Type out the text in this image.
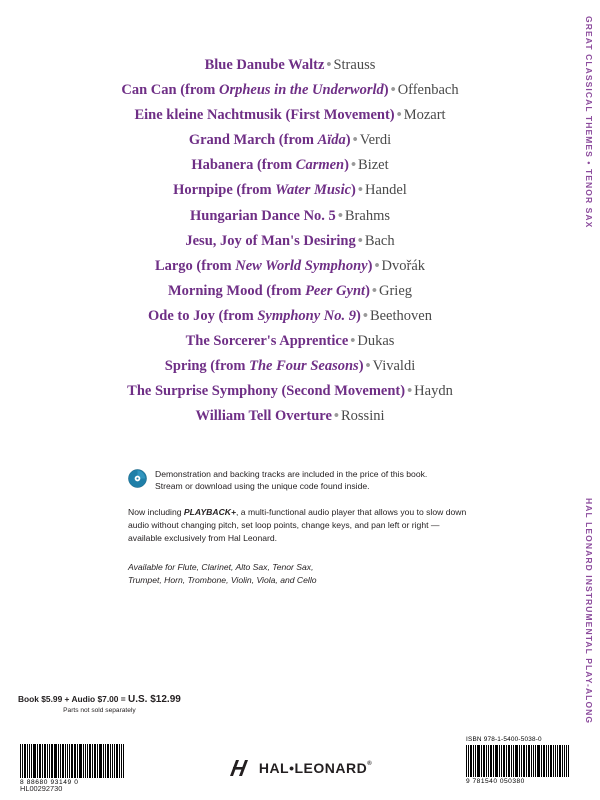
GREAT CLASSICAL THEMES • TENOR SAX
HAL LEONARD INSTRUMENTAL PLAY-ALONG
Blue Danube Waltz • Strauss
Can Can (from Orpheus in the Underworld) • Offenbach
Eine kleine Nachtmusik (First Movement) • Mozart
Grand March (from Aïda) • Verdi
Habanera (from Carmen) • Bizet
Hornpipe (from Water Music) • Handel
Hungarian Dance No. 5 • Brahms
Jesu, Joy of Man's Desiring • Bach
Largo (from New World Symphony) • Dvořák
Morning Mood (from Peer Gynt) • Grieg
Ode to Joy (from Symphony No. 9) • Beethoven
The Sorcerer's Apprentice • Dukas
Spring (from The Four Seasons) • Vivaldi
The Surprise Symphony (Second Movement) • Haydn
William Tell Overture • Rossini

Demonstration and backing tracks are included in the price of this book.
Stream or download using the unique code found inside.

Now including PLAYBACK+, a multi-functional audio player that allows you to slow down audio without changing pitch, set loop points, change keys, and pan left or right — available exclusively from Hal Leonard.

Available for Flute, Clarinet, Alto Sax, Tenor Sax,
Trumpet, Horn, Trombone, Violin, Viola, and Cello

Book $5.99 + Audio $7.00 = U.S. $12.99
Parts not sold separately
8 88680 93149 0
HL00292730
ISBN 978-1-5400-5038-0
9 781540 050380
HAL•LEONARD®
